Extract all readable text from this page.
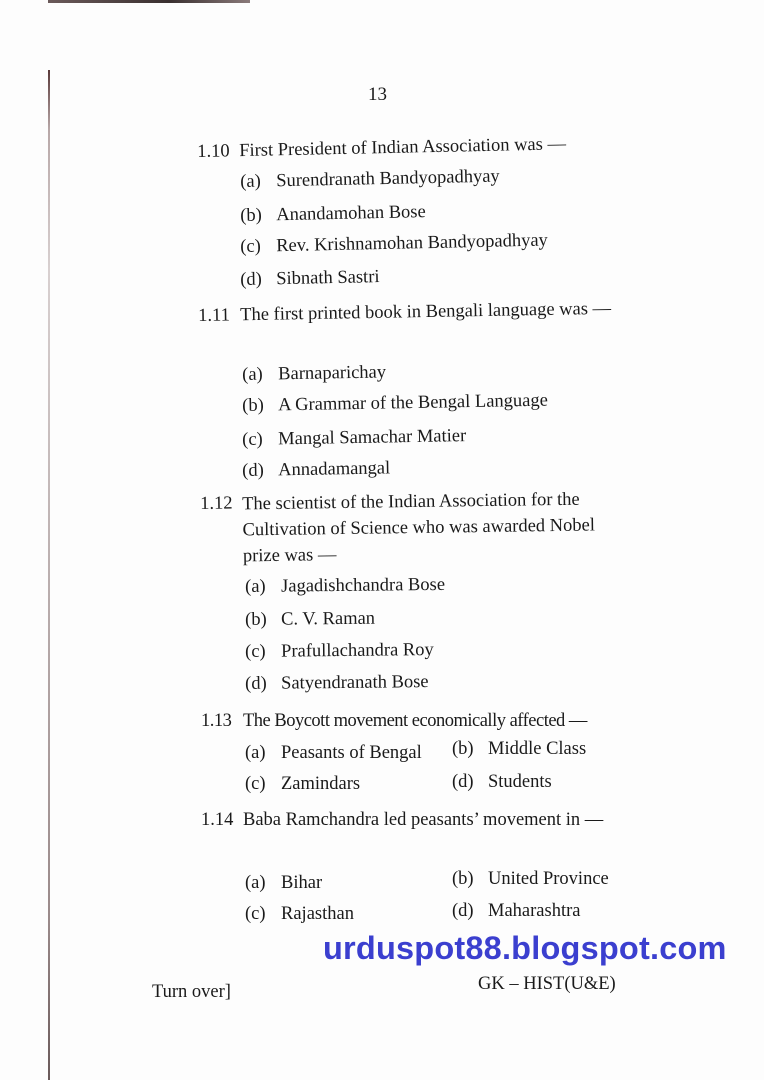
13
1.10 First President of Indian Association was —
(a) Surendranath Bandyopadhyay
(b) Anandamohan Bose
(c) Rev. Krishnamohan Bandyopadhyay
(d) Sibnath Sastri
1.11 The first printed book in Bengali language was —
(a) Barnaparichay
(b) A Grammar of the Bengal Language
(c) Mangal Samachar Matier
(d) Annadamangal
1.12 The scientist of the Indian Association for the Cultivation of Science who was awarded Nobel prize was —
(a) Jagadishchandra Bose
(b) C. V. Raman
(c) Prafullachandra Roy
(d) Satyendranath Bose
1.13 The Boycott movement economically affected —
(a) Peasants of Bengal (b) Middle Class
(c) Zamindars	(d) Students
1.14 Baba Ramchandra led peasants’ movement in —
(a) Bihar	(b) United Province
(c) Rajasthan	(d) Maharashtra
urduspot88.blogspot.com
Turn over]	GK – HIST(U&E)
